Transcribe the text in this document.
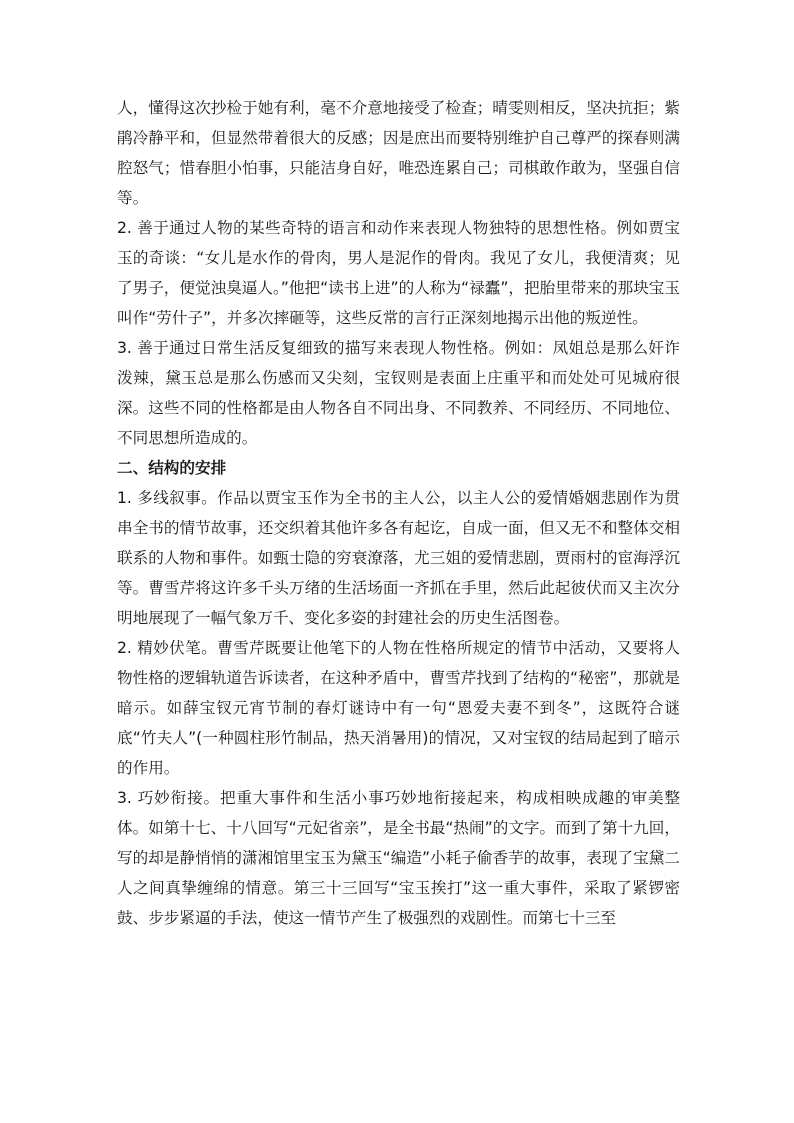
人，懂得这次抄检于她有利，毫不介意地接受了检查；晴雯则相反，坚决抗拒；紫鹃冷静平和，但显然带着很大的反感；因是庶出而要特别维护自己尊严的探春则满腔怒气；惜春胆小怕事，只能洁身自好，唯恐连累自己；司棋敢作敢为，坚强自信等。

2. 善于通过人物的某些奇特的语言和动作来表现人物独特的思想性格。例如贾宝玉的奇谈：“女儿是水作的骨肉，男人是泥作的骨肉。我见了女儿，我便清爽；见了男子，便觉浊臭逼人。”他把“读书上进”的人称为“禄蠹”，把胎里带来的那块宝玉叫作“劳什子”，并多次摔砸等，这些反常的言行正深刻地揭示出他的叛逆性。

3. 善于通过日常生活反复细致的描写来表现人物性格。例如：凤姐总是那么奸诈泼辣，黛玉总是那么伤感而又尖刻，宝钗则是表面上庄重平和而处处可见城府很深。这些不同的性格都是由人物各自不同出身、不同教养、不同经历、不同地位、不同思想所造成的。

二、结构的安排

1. 多线叙事。作品以贾宝玉作为全书的主人公，以主人公的爱情婚姻悲剧作为贯串全书的情节故事，还交织着其他许多各有起讫，自成一面，但又无不和整体交相联系的人物和事件。如甄士隐的穷衰潦落，尤三姐的爱情悲剧，贾雨村的宦海浮沉等。曹雪芹将这许多千头万绪的生活场面一齐抓在手里，然后此起彼伏而又主次分明地展现了一幅气象万千、变化多姿的封建社会的历史生活图卷。

2. 精妙伏笔。曹雪芹既要让他笔下的人物在性格所规定的情节中活动，又要将人物性格的逻辑轨道告诉读者，在这种矛盾中，曹雪芹找到了结构的“秘密”，那就是暗示。如薛宝钗元宵节制的春灯谜诗中有一句“恩爱夫妻不到冬”，这既符合谜底“竹夫人”(一种圆柱形竹制品，热天消暑用)的情况，又对宝钗的结局起到了暗示的作用。

3. 巧妙衔接。把重大事件和生活小事巧妙地衔接起来，构成相映成趣的审美整体。如第十七、十八回写“元妃省亲”，是全书最“热闹”的文字。而到了第十九回，写的却是静悄悄的潇湘馆里宝玉为黛玉“编造”小耗子偷香芋的故事，表现了宝黛二人之间真挚缠绵的情意。第三十三回写“宝玉挨打”这一重大事件，采取了紧锣密鼓、步步紧逼的手法，使这一情节产生了极强烈的戏剧性。而第七十三至
